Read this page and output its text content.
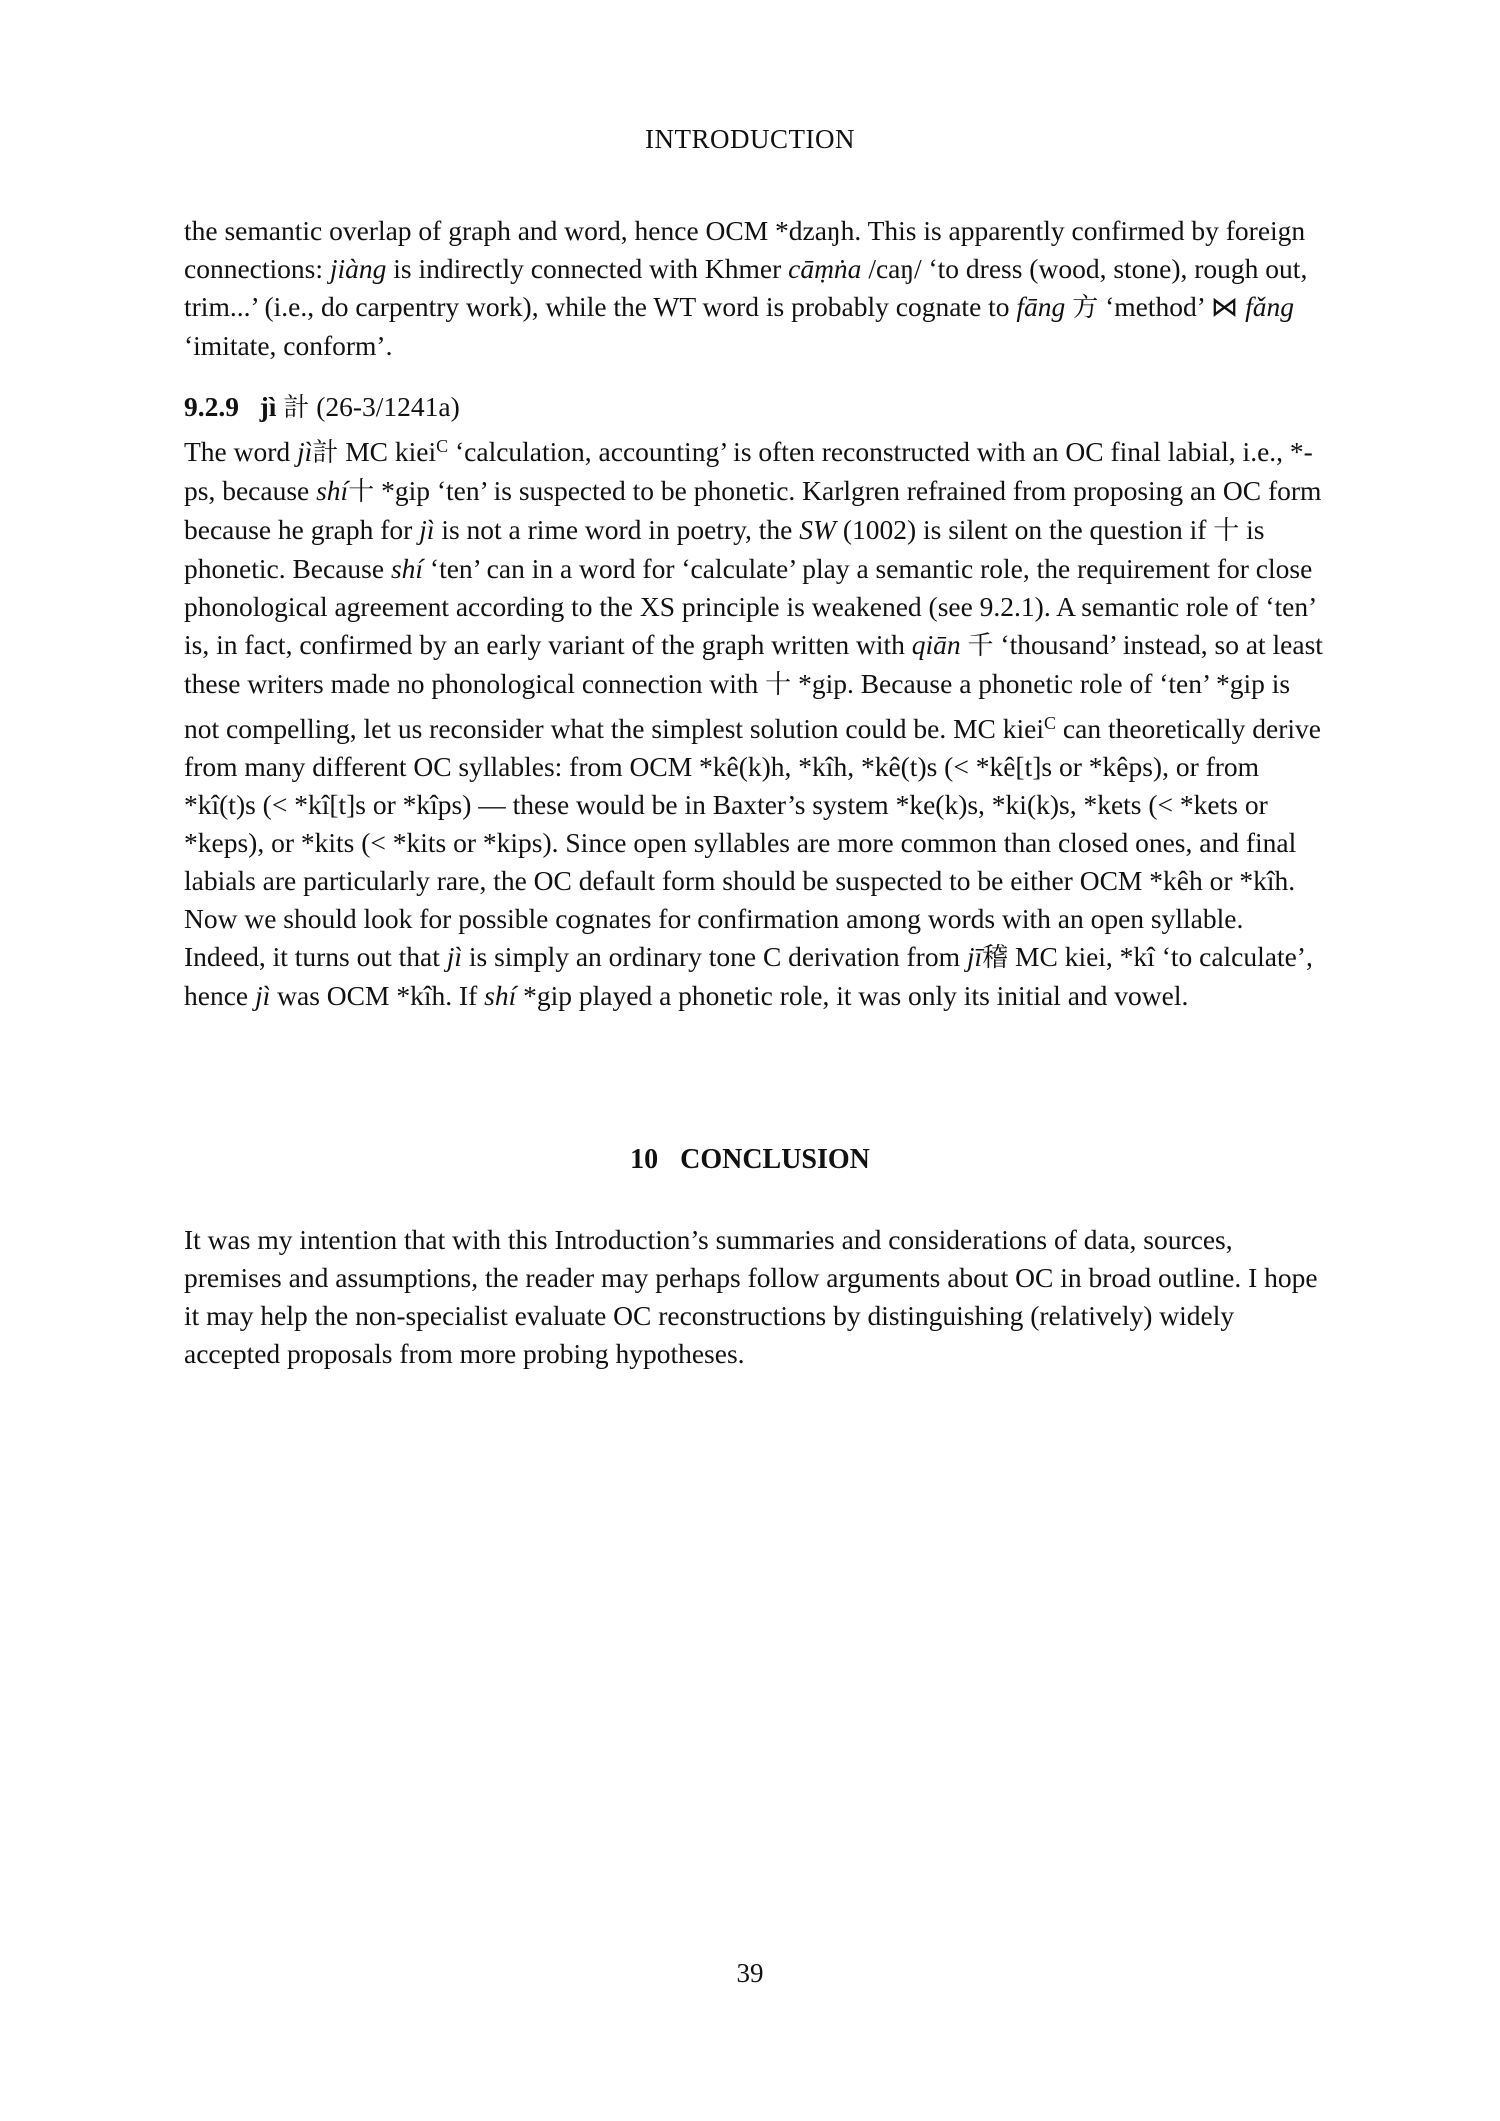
INTRODUCTION

the semantic overlap of graph and word, hence OCM *dzaŋh. This is apparently confirmed by foreign connections: jiàng is indirectly connected with Khmer cāṃṅa /caŋ/ ‘to dress (wood, stone), rough out, trim...’ (i.e., do carpentry work), while the WT word is probably cognate to fāng 方 ‘method’ ⋈ fǎng ‘imitate, conform’.

9.2.9 jì 計 (26-3/1241a)

The word jì計 MC kiei$^C$ ‘calculation, accounting’ is often reconstructed with an OC final labial, i.e., *-ps, because shí十 *gip ‘ten’ is suspected to be phonetic. Karlgren refrained from proposing an OC form because he graph for jì is not a rime word in poetry, the SW (1002) is silent on the question if 十 is phonetic. Because shí ‘ten’ can in a word for ‘calculate’ play a semantic role, the requirement for close phonological agreement according to the XS principle is weakened (see 9.2.1). A semantic role of ‘ten’ is, in fact, confirmed by an early variant of the graph written with qiān 千 ‘thousand’ instead, so at least these writers made no phonological connection with 十 *gip. Because a phonetic role of ‘ten’ *gip is not compelling, let us reconsider what the simplest solution could be. MC kiei$^C$ can theoretically derive from many different OC syllables: from OCM *kê(k)h, *kîh, *kê(t)s (< *kê[t]s or *kêps), or from *kî(t)s (< *kî[t]s or *kîps) — these would be in Baxter’s system *ke(k)s, *ki(k)s, *kets (< *kets or *keps), or *kits (< *kits or *kips). Since open syllables are more common than closed ones, and final labials are particularly rare, the OC default form should be suspected to be either OCM *kêh or *kîh. Now we should look for possible cognates for confirmation among words with an open syllable. Indeed, it turns out that jì is simply an ordinary tone C derivation from jī稽 MC kiei, *kî ‘to calculate’, hence jì was OCM *kîh. If shí *gip played a phonetic role, it was only its initial and vowel.

10 CONCLUSION

It was my intention that with this Introduction’s summaries and considerations of data, sources, premises and assumptions, the reader may perhaps follow arguments about OC in broad outline. I hope it may help the non-specialist evaluate OC reconstructions by distinguishing (relatively) widely accepted proposals from more probing hypotheses.

39
